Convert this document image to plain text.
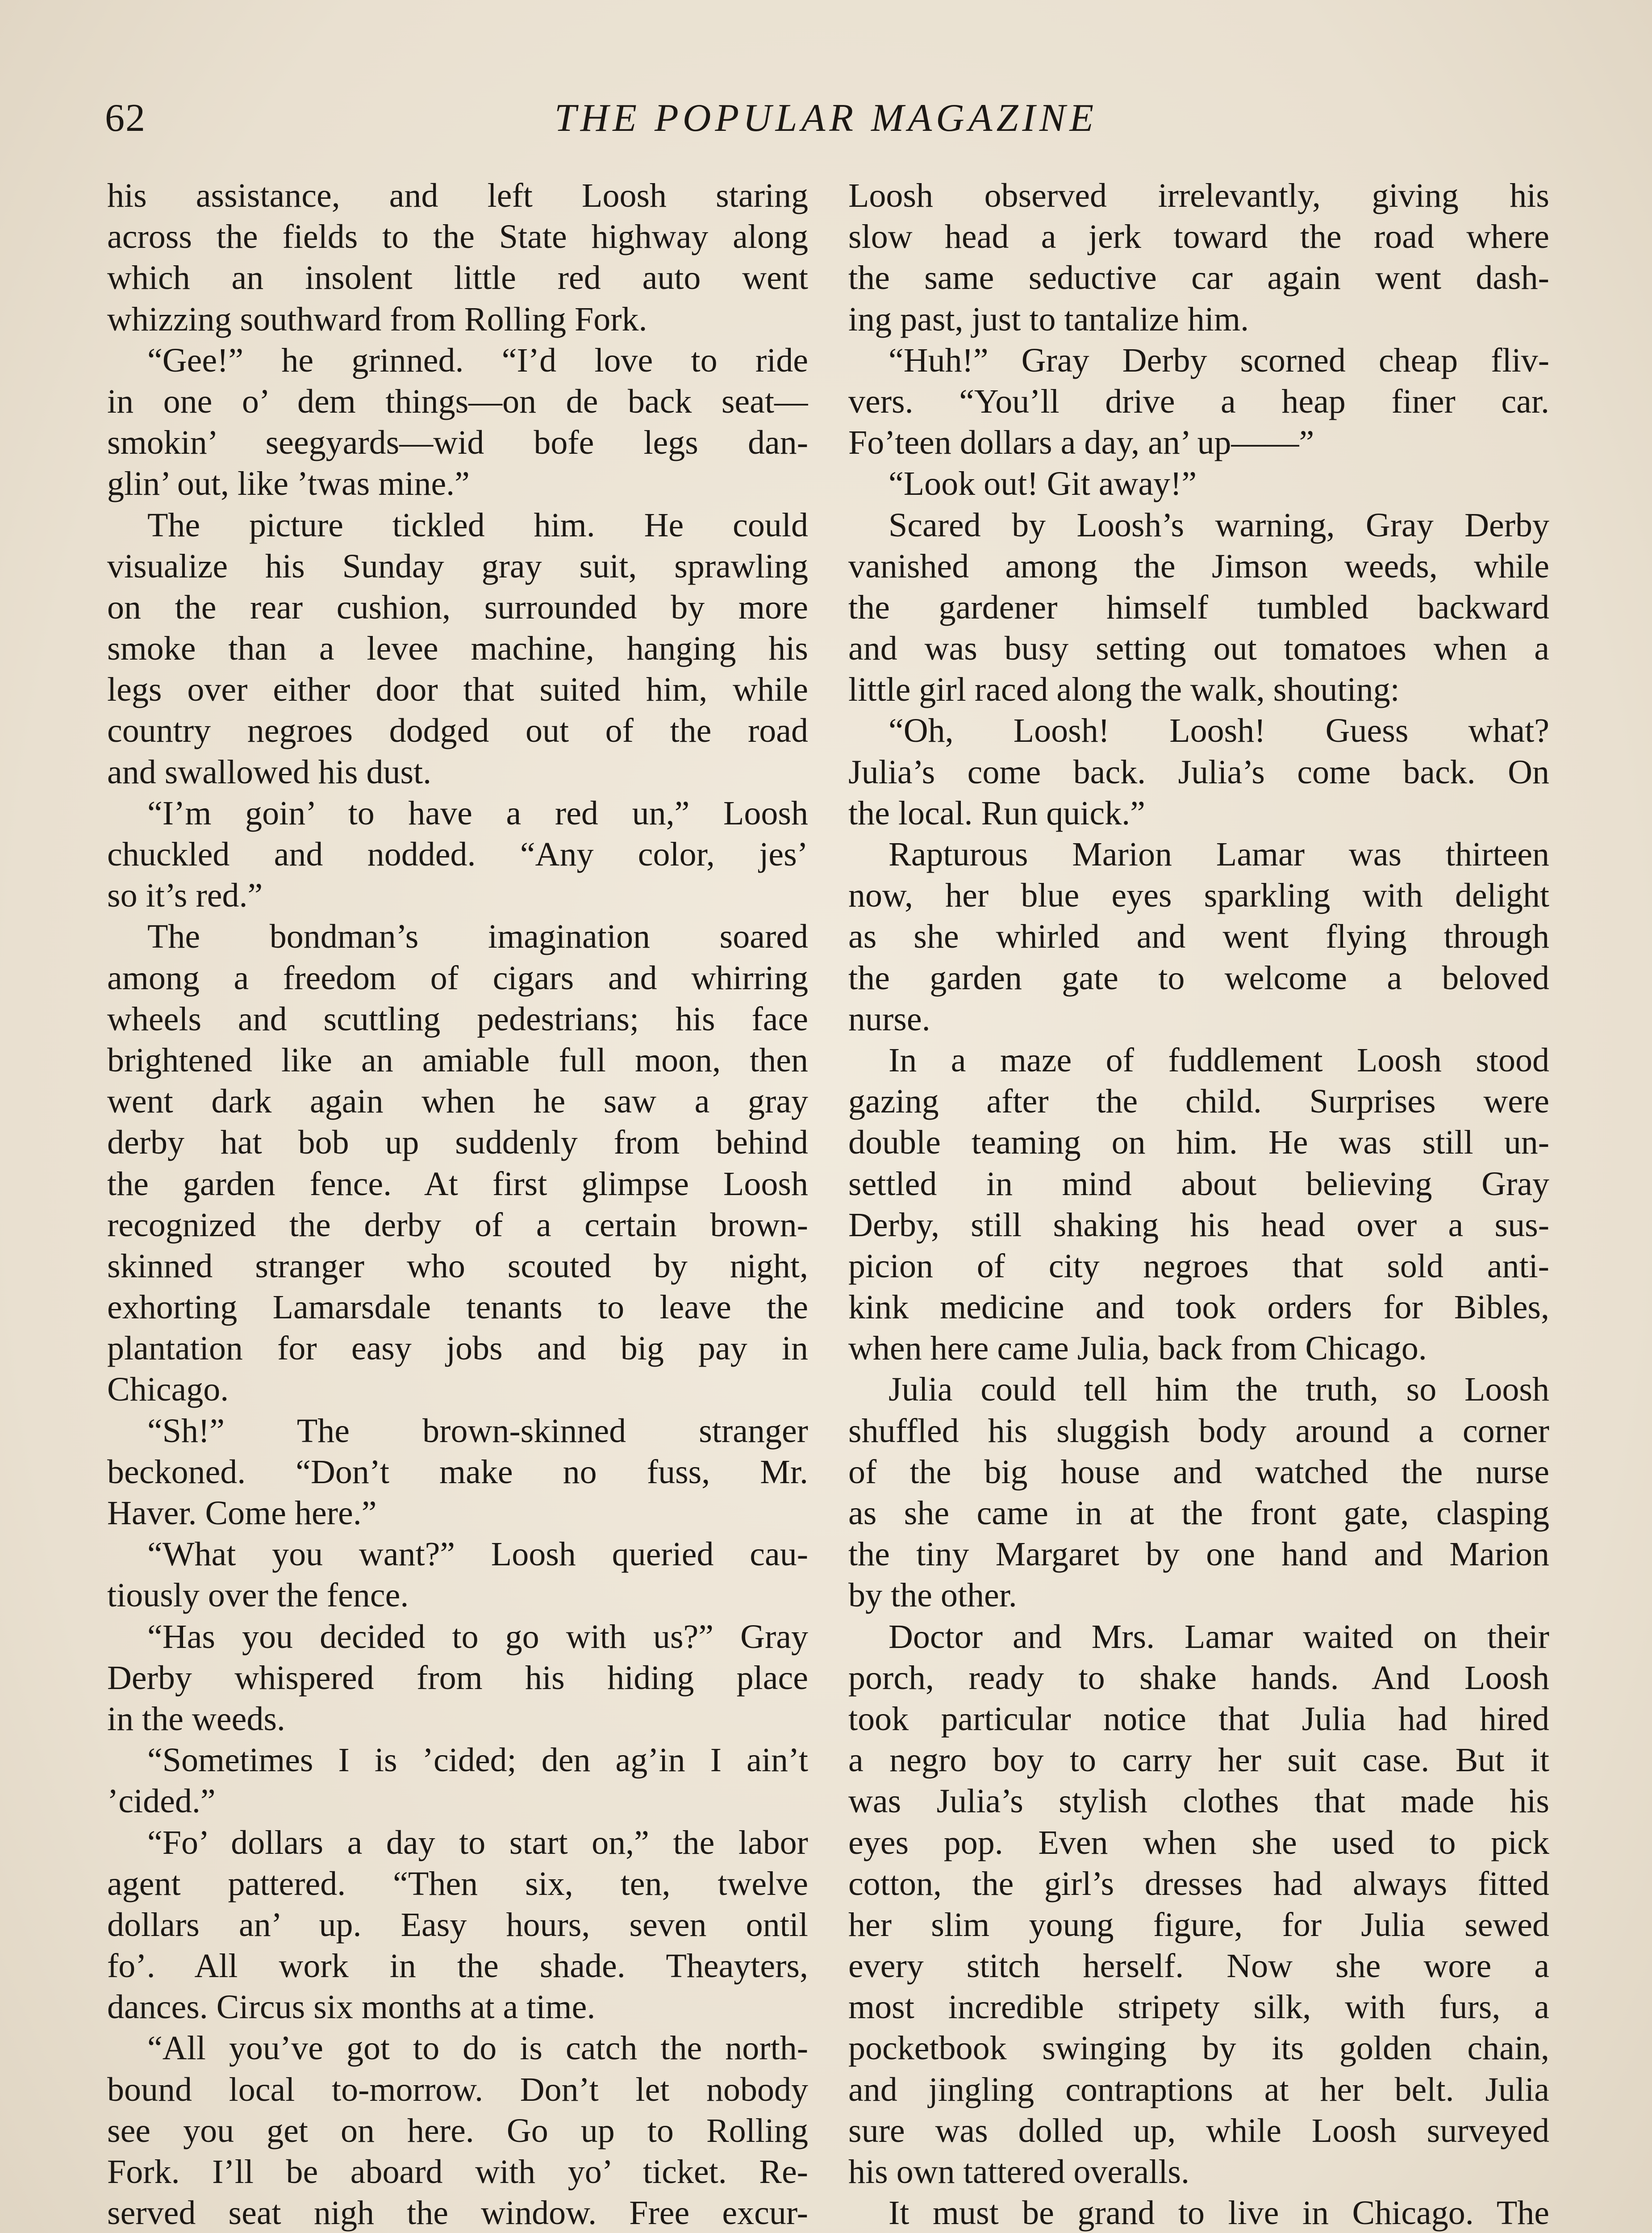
62	THE POPULAR MAGAZINE
his assistance, and left Loosh staring
across the fields to the State highway along
which an insolent little red auto went
whizzing southward from Rolling Fork.
“Gee!” he grinned. “I’d love to ride
in one o’ dem things—on de back seat—
smokin’ seegyards—wid bofe legs dan-
glin’ out, like ’twas mine.”
The picture tickled him. He could
visualize his Sunday gray suit, sprawling
on the rear cushion, surrounded by more
smoke than a levee machine, hanging his
legs over either door that suited him, while
country negroes dodged out of the road
and swallowed his dust.
“I’m goin’ to have a red un,” Loosh
chuckled and nodded. “Any color, jes’
so it’s red.”
The bondman’s imagination soared
among a freedom of cigars and whirring
wheels and scuttling pedestrians; his face
brightened like an amiable full moon, then
went dark again when he saw a gray
derby hat bob up suddenly from behind
the garden fence. At first glimpse Loosh
recognized the derby of a certain brown-
skinned stranger who scouted by night,
exhorting Lamarsdale tenants to leave the
plantation for easy jobs and big pay in
Chicago.
“Sh!” The brown-skinned stranger
beckoned. “Don’t make no fuss, Mr.
Haver. Come here.”
“What you want?” Loosh queried cau-
tiously over the fence.
“Has you decided to go with us?” Gray
Derby whispered from his hiding place
in the weeds.
“Sometimes I is ’cided; den ag’in I ain’t
’cided.”
“Fo’ dollars a day to start on,” the labor
agent pattered. “Then six, ten, twelve
dollars an’ up. Easy hours, seven ontil
fo’. All work in the shade. Theayters,
dances. Circus six months at a time.
“All you’ve got to do is catch the north-
bound local to-morrow. Don’t let nobody
see you get on here. Go up to Rolling
Fork. I’ll be aboard with yo’ ticket. Re-
served seat nigh the window. Free excur-
Loosh observed irrelevantly, giving his
slow head a jerk toward the road where
the same seductive car again went dash-
ing past, just to tantalize him.
“Huh!” Gray Derby scorned cheap fliv-
vers. “You’ll drive a heap finer car.
Fo’teen dollars a day, an’ up——”
“Look out! Git away!”
Scared by Loosh’s warning, Gray Derby
vanished among the Jimson weeds, while
the gardener himself tumbled backward
and was busy setting out tomatoes when a
little girl raced along the walk, shouting:
“Oh, Loosh! Loosh! Guess what?
Julia’s come back. Julia’s come back. On
the local. Run quick.”
Rapturous Marion Lamar was thirteen
now, her blue eyes sparkling with delight
as she whirled and went flying through
the garden gate to welcome a beloved
nurse.
In a maze of fuddlement Loosh stood
gazing after the child. Surprises were
double teaming on him. He was still un-
settled in mind about believing Gray
Derby, still shaking his head over a sus-
picion of city negroes that sold anti-
kink medicine and took orders for Bibles,
when here came Julia, back from Chicago.
Julia could tell him the truth, so Loosh
shuffled his sluggish body around a corner
of the big house and watched the nurse
as she came in at the front gate, clasping
the tiny Margaret by one hand and Marion
by the other.
Doctor and Mrs. Lamar waited on their
porch, ready to shake hands. And Loosh
took particular notice that Julia had hired
a negro boy to carry her suit case. But it
was Julia’s stylish clothes that made his
eyes pop. Even when she used to pick
cotton, the girl’s dresses had always fitted
her slim young figure, for Julia sewed
every stitch herself. Now she wore a
most incredible stripety silk, with furs, a
pocketbook swinging by its golden chain,
and jingling contraptions at her belt. Julia
sure was dolled up, while Loosh surveyed
his own tattered overalls.
It must be grand to live in Chicago. The
